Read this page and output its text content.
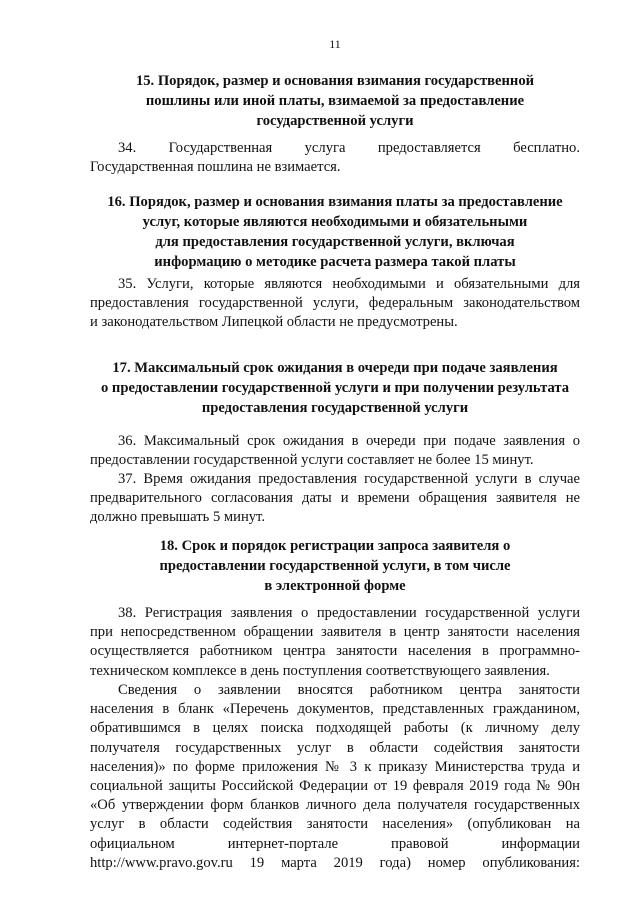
11
15. Порядок, размер и основания взимания государственной
пошлины или иной платы, взимаемой за предоставление
государственной услуги
34. Государственная услуга предоставляется бесплатно.
Государственная пошлина не взимается.
16. Порядок, размер и основания взимания платы за предоставление
услуг, которые являются необходимыми и обязательными
для предоставления государственной услуги, включая
информацию о методике расчета размера такой платы
35. Услуги, которые являются необходимыми и обязательными для
предоставления государственной услуги, федеральным законодательством
и законодательством Липецкой области не предусмотрены.
17. Максимальный срок ожидания в очереди при подаче заявления
о предоставлении государственной услуги и при получении результата
предоставления государственной услуги
36. Максимальный срок ожидания в очереди при подаче заявления о
предоставлении государственной услуги составляет не более 15 минут.
37. Время ожидания предоставления государственной услуги в случае
предварительного согласования даты и времени обращения заявителя не
должно превышать 5 минут.
18. Срок и порядок регистрации запроса заявителя о
предоставлении государственной услуги, в том числе
в электронной форме
38. Регистрация заявления о предоставлении государственной услуги
при непосредственном обращении заявителя в центр занятости населения
осуществляется работником центра занятости населения в программно-
техническом комплексе в день поступления соответствующего заявления.
Сведения о заявлении вносятся работником центра занятости
населения в бланк «Перечень документов, представленных гражданином,
обратившимся в целях поиска подходящей работы (к личному делу
получателя государственных услуг в области содействия занятости
населения)» по форме приложения № 3 к приказу Министерства труда и
социальной защиты Российской Федерации от 19 февраля 2019 года № 90н
«Об утверждении форм бланков личного дела получателя государственных
услуг в области содействия занятости населения» (опубликован на
официальном интернет-портале правовой информации
http://www.pravo.gov.ru 19 марта 2019 года) номер опубликования:
